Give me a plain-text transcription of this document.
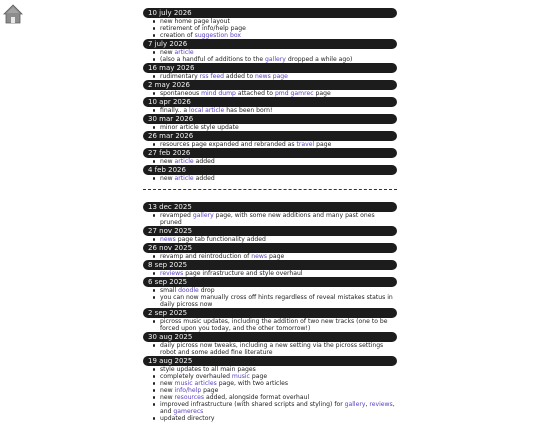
10 july 2026
new home page layout
retirement of info/help page
creation of suggestion box
7 july 2026
new article
(also a handful of additions to the gallery dropped a while ago)
16 may 2026
rudimentary rss feed added to news page
2 may 2026
spontaneous mind dump attached to pmd gamrec page
10 apr 2026
finally.. a local article has been born!
30 mar 2026
minor article style update
26 mar 2026
resources page expanded and rebranded as travel page
27 feb 2026
new article added
4 feb 2026
new article added
13 dec 2025
revamped gallery page, with some new additions and many past ones pruned
27 nov 2025
news page tab functionality added
26 nov 2025
revamp and reintroduction of news page
8 sep 2025
reviews page infrastructure and style overhaul
6 sep 2025
small doodle drop
you can now manually cross off hints regardless of reveal mistakes status in daily picross now
2 sep 2025
picross music updates, including the addition of two new tracks (one to be forced upon you today, and the other tomorrow!)
30 aug 2025
daily picross now tweaks, including a new setting via the picross settings robot and some added fine literature
19 aug 2025
style updates to all main pages
completely overhauled music page
new music articles page, with two articles
new info/help page
new resources added, alongside format overhaul
improved infrastructure (with shared scripts and styling) for gallery, reviews, and gamerecs
updated directory
